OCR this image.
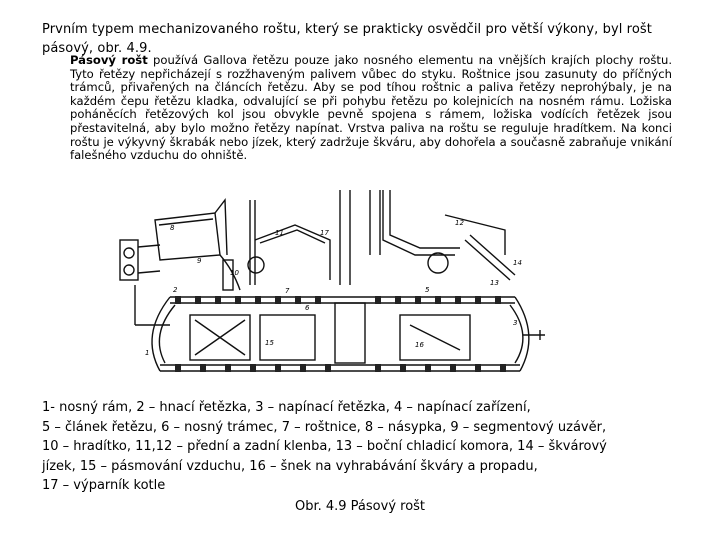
Prvním typem mechanizovaného roštu, který se prakticky osvědčil pro větší výkony, byl rošt pásový, obr. 4.9.
Pásový rošt používá Gallova řetězu pouze jako nosného elementu na vnějších krajích plochy roštu. Tyto řetězy nepřicházejí s rozžhaveným palivem vůbec do styku. Roštnice jsou zasunuty do příčných trámců, přivařených na článcích řetězu. Aby se pod tíhou roštnic a paliva řetězy neprohýbaly, je na každém čepu řetězu kladka, odvalující se při pohybu řetězu po kolejnicích na nosném rámu. Ložiska poháněcích řetězových kol jsou obvykle pevně spojena s rámem, ložiska vodících řetězek jsou přestavitelná, aby bylo možno řetězy napínat. Vrstva paliva na roštu se reguluje hradítkem. Na konci roštu je výkyvný škrabák nebo jízek, který zadržuje škváru, aby dohořela a současně zabraňuje vnikání falešného vzduchu do ohniště.
1
2
3
5
6
7
8
9
10
11
12
13
14
15	16
17
1- nosný rám, 2 – hnací řetězka, 3 – napínací řetězka, 4 – napínací zařízení,
5 – článek řetězu, 6 – nosný trámec, 7 – roštnice, 8 – násypka, 9 – segmentový uzávěr,
10 – hradítko, 11,12 – přední a zadní klenba, 13 – boční chladicí komora, 14 – škvárový
jízek, 15 – pásmování vzduchu, 16 – šnek na vyhrabávání škváry a propadu,
17 – výparník kotle
Obr. 4.9 Pásový rošt
